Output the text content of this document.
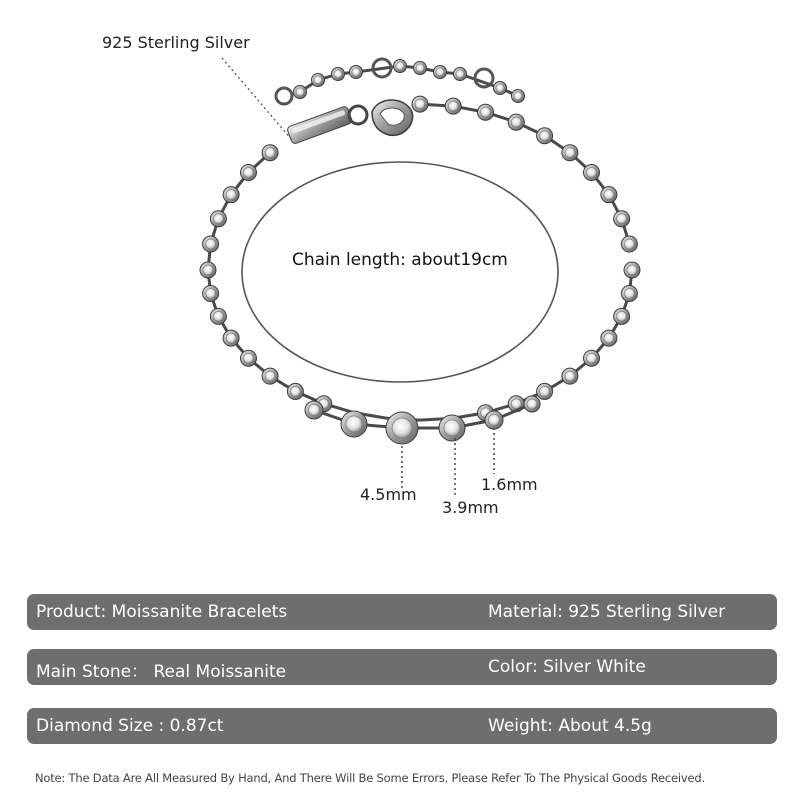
925 Sterling Silver
Chain length: about19cm
4.5mm
3.9mm
1.6mm
Product: Moissanite Bracelets	Material: 925 Sterling Silver
Main Stone： Real Moissanite	Color: Silver White
Diamond Size : 0.87ct	Weight: About 4.5g
Note: The Data Are All Measured By Hand, And There Will Be Some Errors. Please Refer To The Physical Goods Received.
